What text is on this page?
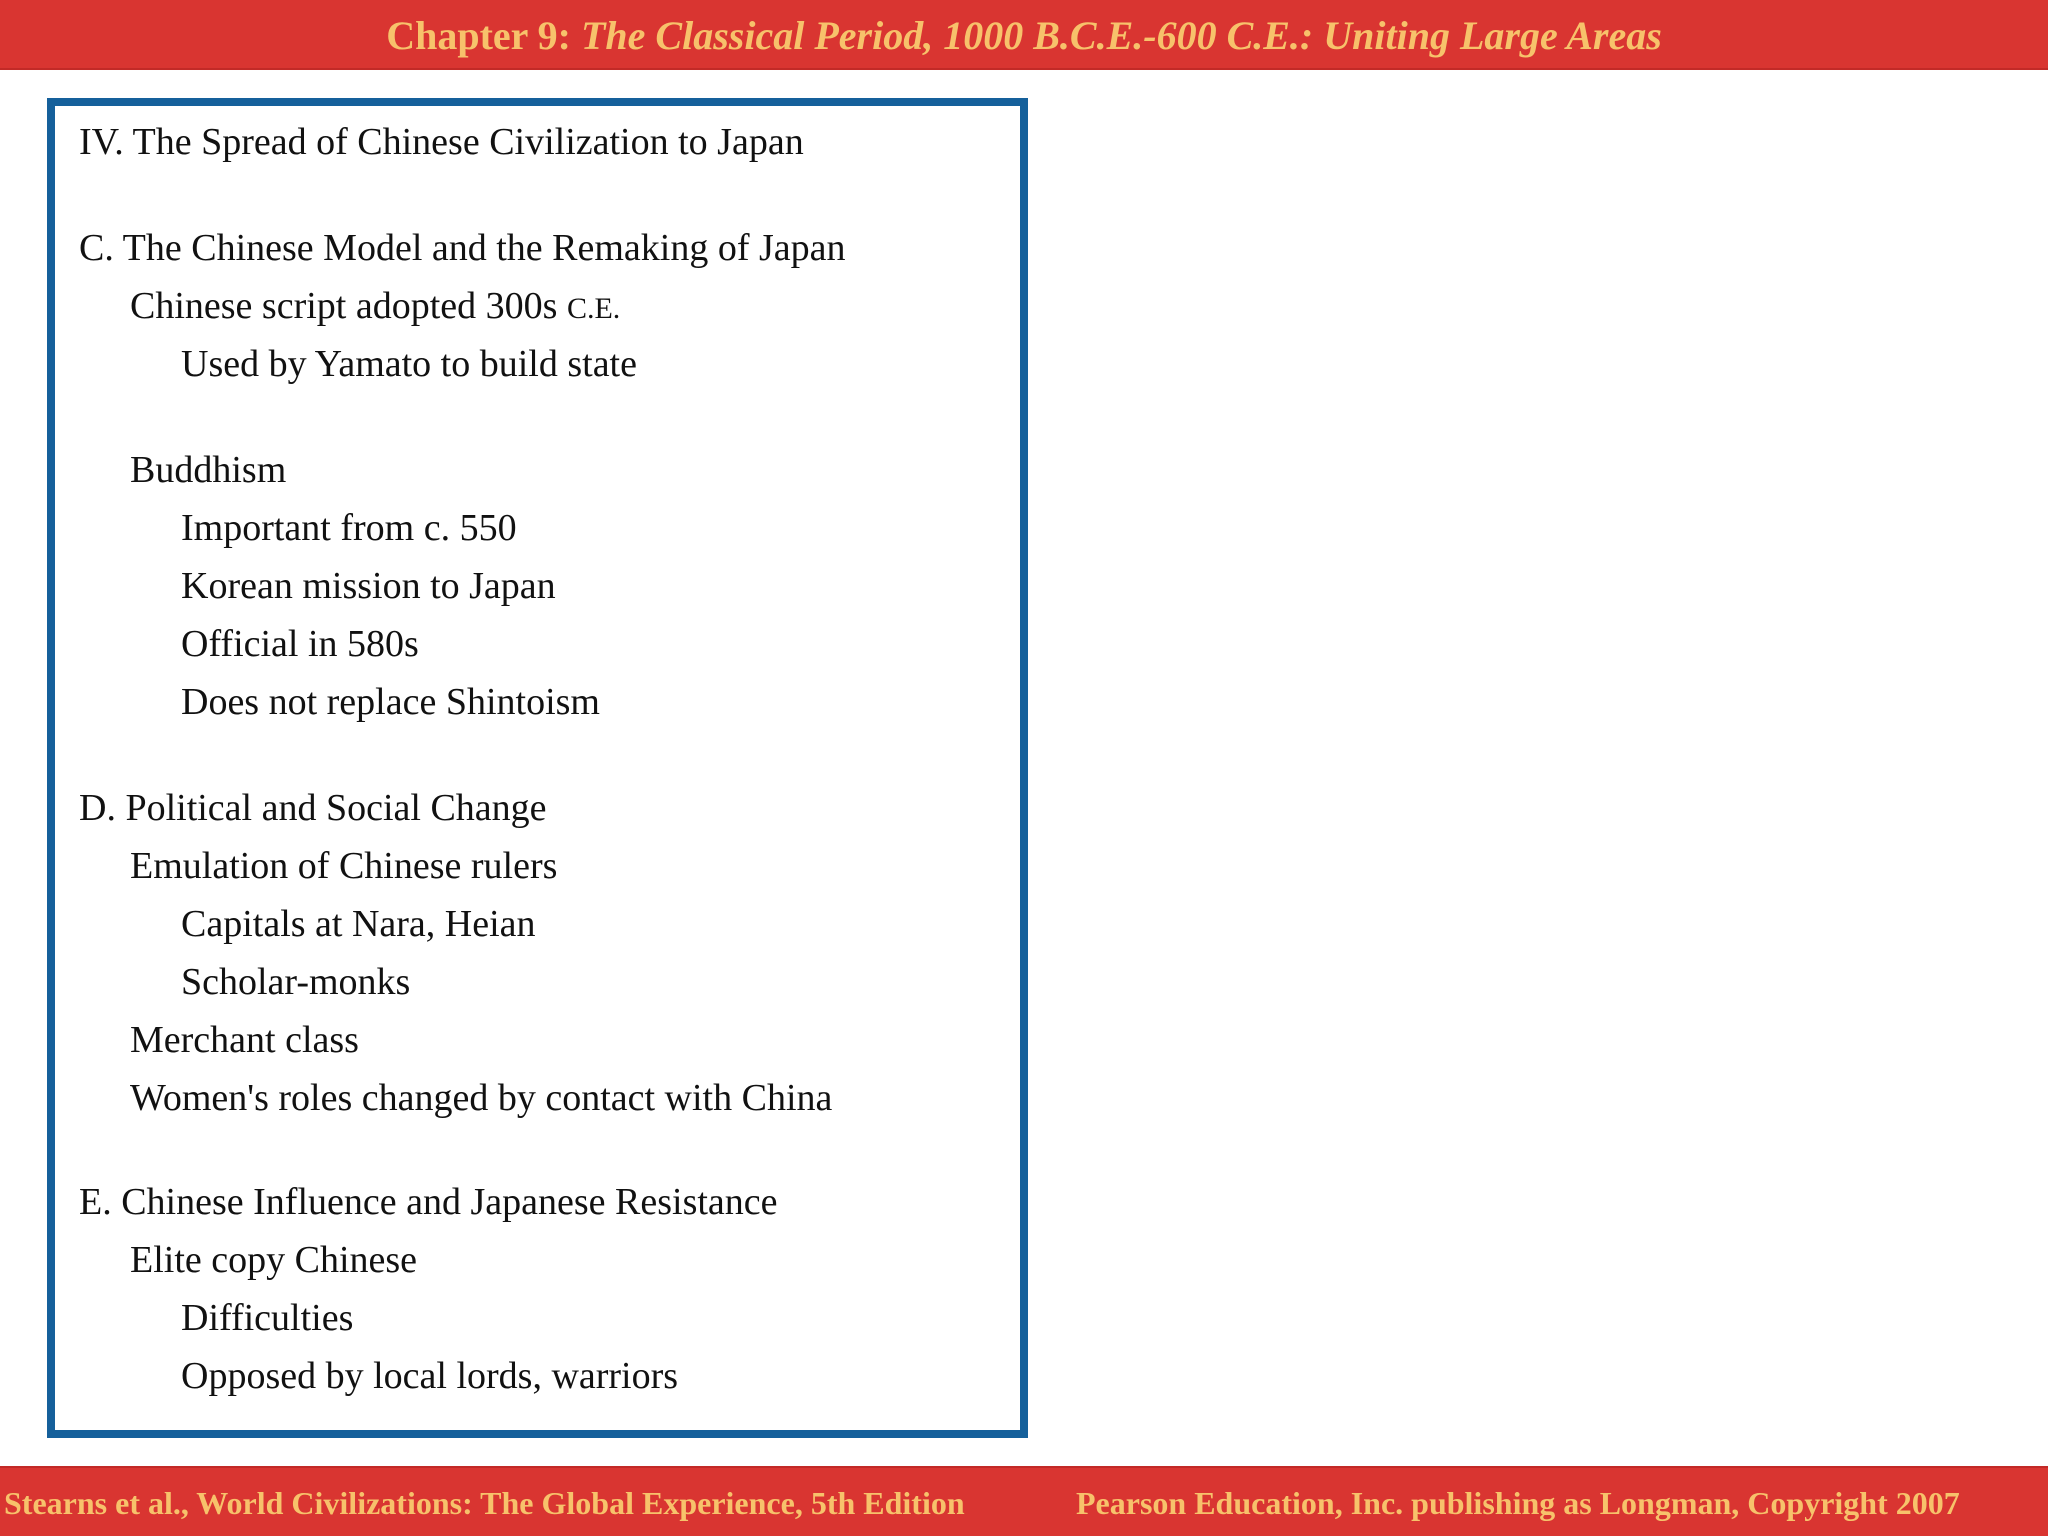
Chapter 9: The Classical Period, 1000 B.C.E.-600 C.E.: Uniting Large Areas
IV. The Spread of Chinese Civilization to Japan
C. The Chinese Model and the Remaking of Japan
Chinese script adopted 300s C.E.
Used by Yamato to build state
Buddhism
Important from c. 550
Korean mission to Japan
Official in 580s
Does not replace Shintoism
D. Political and Social Change
Emulation of Chinese rulers
Capitals at Nara, Heian
Scholar-monks
Merchant class
Women's roles changed by contact with China
E. Chinese Influence and Japanese Resistance
Elite copy Chinese
Difficulties
Opposed by local lords, warriors
Stearns et al., World Civilizations: The Global Experience, 5th Edition	Pearson Education, Inc. publishing as Longman, Copyright 2007
